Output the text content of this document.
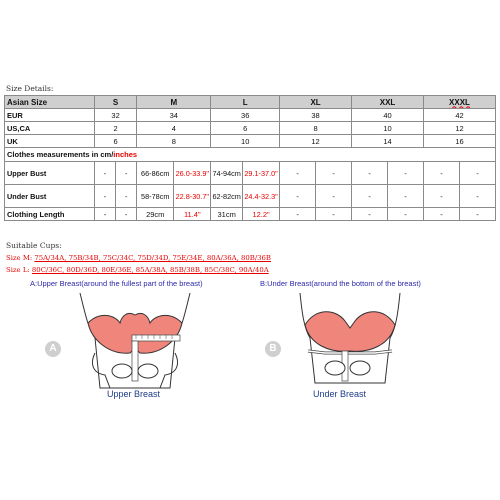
Size Details:
Asian Size	S		M		L		XL		XXL		XXXL	
EUR	32		34		36		38		40		42	
US,CA	2		4		6		8		10		12	
UK	6		8		10		12		14		16	
Clothes measurements in cm/inches												
Upper Bust	-	-	66-86cm	26.0-33.9"	74-94cm	29.1-37.0"	-	-	-	-	-	-
Under Bust	-	-	58-78cm	22.8-30.7"	62-82cm	24.4-32.3"	-	-	-	-	-	-
Clothing Length	-	-	29cm	11.4"	31cm	12.2"	-	-	-	-	-	-
Suitable Cups:
Size M: 75A/34A, 75B/34B, 75C/34C, 75D/34D, 75E/34E, 80A/36A, 80B/36B
Size L: 80C/36C, 80D/36D, 80E/36E, 85A/38A, 85B/38B, 85C/38C, 90A/40A
A:Upper Breast(around the fullest part of the breast)	B:Under Breast(around the bottom of the breast)
A	B
Upper Breast	Under Breast
